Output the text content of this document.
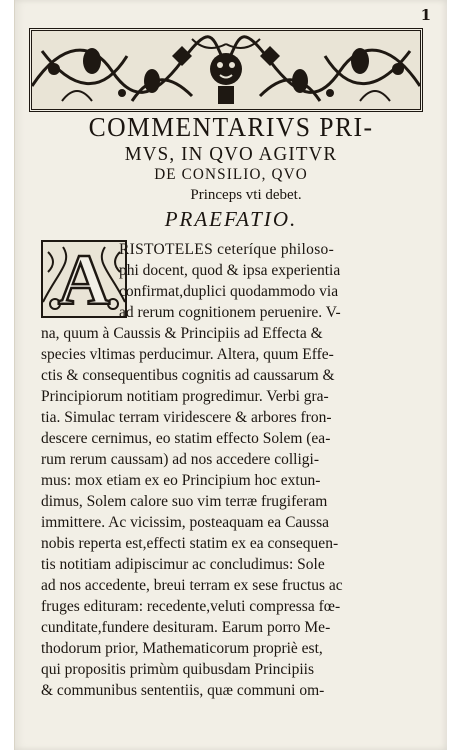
1
COMMENTARIVS PRI-
MVS, IN QVO AGITVR
DE CONSILIO, QVO
Princeps vti debet.
PRAEFATIO.
A RISTOTELES ceteríque philoso-
phi docent, quod & ipsa experientia
confirmat,duplici quodammodo via
ad rerum cognitionem peruenire. V-
na, quum à Caussis & Principiis ad Effecta &
species vltimas perducimur. Altera, quum Effe-
ctis & consequentibus cognitis ad caussarum &
Principiorum notitiam progredimur. Verbi gra-
tia. Simulac terram viridescere & arbores fron-
descere cernimus, eo statim effecto Solem (ea-
rum rerum caussam) ad nos accedere colligi-
mus: mox etiam ex eo Principium hoc extun-
dimus, Solem calore suo vim terræ frugiferam
immittere. Ac vicissim, posteaquam ea Caussa
nobis reperta est,effecti statim ex ea consequen-
tis notitiam adipiscimur ac concludimus: Sole
ad nos accedente, breui terram ex sese fructus ac
fruges edituram: recedente,veluti compressa fœ-
cunditate,fundere desituram. Earum porro Me-
thodorum prior, Mathematicorum propriè est,
qui propositis primùm quibusdam Principiis
& communibus sententiis, quæ communi om-
